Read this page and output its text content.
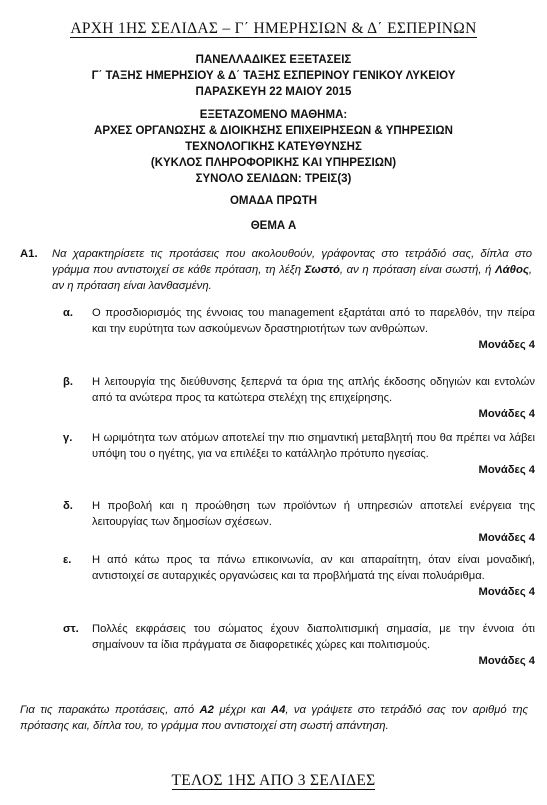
ΑΡΧΗ 1ΗΣ ΣΕΛΙΔΑΣ – Γ΄ ΗΜΕΡΗΣΙΩΝ & Δ΄ ΕΣΠΕΡΙΝΩΝ
ΠΑΝΕΛΛΑΔΙΚΕΣ ΕΞΕΤΑΣΕΙΣ
Γ΄ ΤΑΞΗΣ ΗΜΕΡΗΣΙΟΥ & Δ΄ ΤΑΞΗΣ ΕΣΠΕΡΙΝΟΥ ΓΕΝΙΚΟΥ ΛΥΚΕΙΟΥ
ΠΑΡΑΣΚΕΥΗ 22 ΜΑΙΟΥ 2015
ΕΞΕΤΑΖΟΜΕΝΟ ΜΑΘΗΜΑ:
ΑΡΧΕΣ ΟΡΓΑΝΩΣΗΣ & ΔΙΟΙΚΗΣΗΣ ΕΠΙΧΕΙΡΗΣΕΩΝ & ΥΠΗΡΕΣΙΩΝ
ΤΕΧΝΟΛΟΓΙΚΗΣ ΚΑΤΕΥΘΥΝΣΗΣ
(ΚΥΚΛΟΣ ΠΛΗΡΟΦΟΡΙΚΗΣ ΚΑΙ ΥΠΗΡΕΣΙΩΝ)
ΣΥΝΟΛΟ ΣΕΛΙΔΩΝ: ΤΡΕΙΣ(3)
ΟΜΑΔΑ ΠΡΩΤΗ
ΘΕΜΑ Α
Α1. Να χαρακτηρίσετε τις προτάσεις που ακολουθούν, γράφοντας στο τετράδιό σας, δίπλα στο γράμμα που αντιστοιχεί σε κάθε πρόταση, τη λέξη Σωστό, αν η πρόταση είναι σωστή, ή Λάθος, αν η πρόταση είναι λανθασμένη.
α. Ο προσδιορισμός της έννοιας του management εξαρτάται από το παρελθόν, την πείρα και την ευρύτητα των ασκούμενων δραστηριοτήτων των ανθρώπων.
Μονάδες 4
β. Η λειτουργία της διεύθυνσης ξεπερνά τα όρια της απλής έκδοσης οδηγιών και εντολών από τα ανώτερα προς τα κατώτερα στελέχη της επιχείρησης.
Μονάδες 4
γ. Η ωριμότητα των ατόμων αποτελεί την πιο σημαντική μεταβλητή που θα πρέπει να λάβει υπόψη του ο ηγέτης, για να επιλέξει το κατάλληλο πρότυπο ηγεσίας.
Μονάδες 4
δ. Η προβολή και η προώθηση των προϊόντων ή υπηρεσιών αποτελεί ενέργεια της λειτουργίας των δημοσίων σχέσεων.
Μονάδες 4
ε. Η από κάτω προς τα πάνω επικοινωνία, αν και απαραίτητη, όταν είναι μοναδική, αντιστοιχεί σε αυταρχικές οργανώσεις και τα προβλήματά της είναι πολυάριθμα.
Μονάδες 4
στ. Πολλές εκφράσεις του σώματος έχουν διαπολιτισμική σημασία, με την έννοια ότι σημαίνουν τα ίδια πράγματα σε διαφορετικές χώρες και πολιτισμούς.
Μονάδες 4
Για τις παρακάτω προτάσεις, από Α2 μέχρι και Α4, να γράψετε στο τετράδιό σας τον αριθμό της πρότασης και, δίπλα του, το γράμμα που αντιστοιχεί στη σωστή απάντηση.
ΤΕΛΟΣ 1ΗΣ ΑΠΟ 3 ΣΕΛΙΔΕΣ
